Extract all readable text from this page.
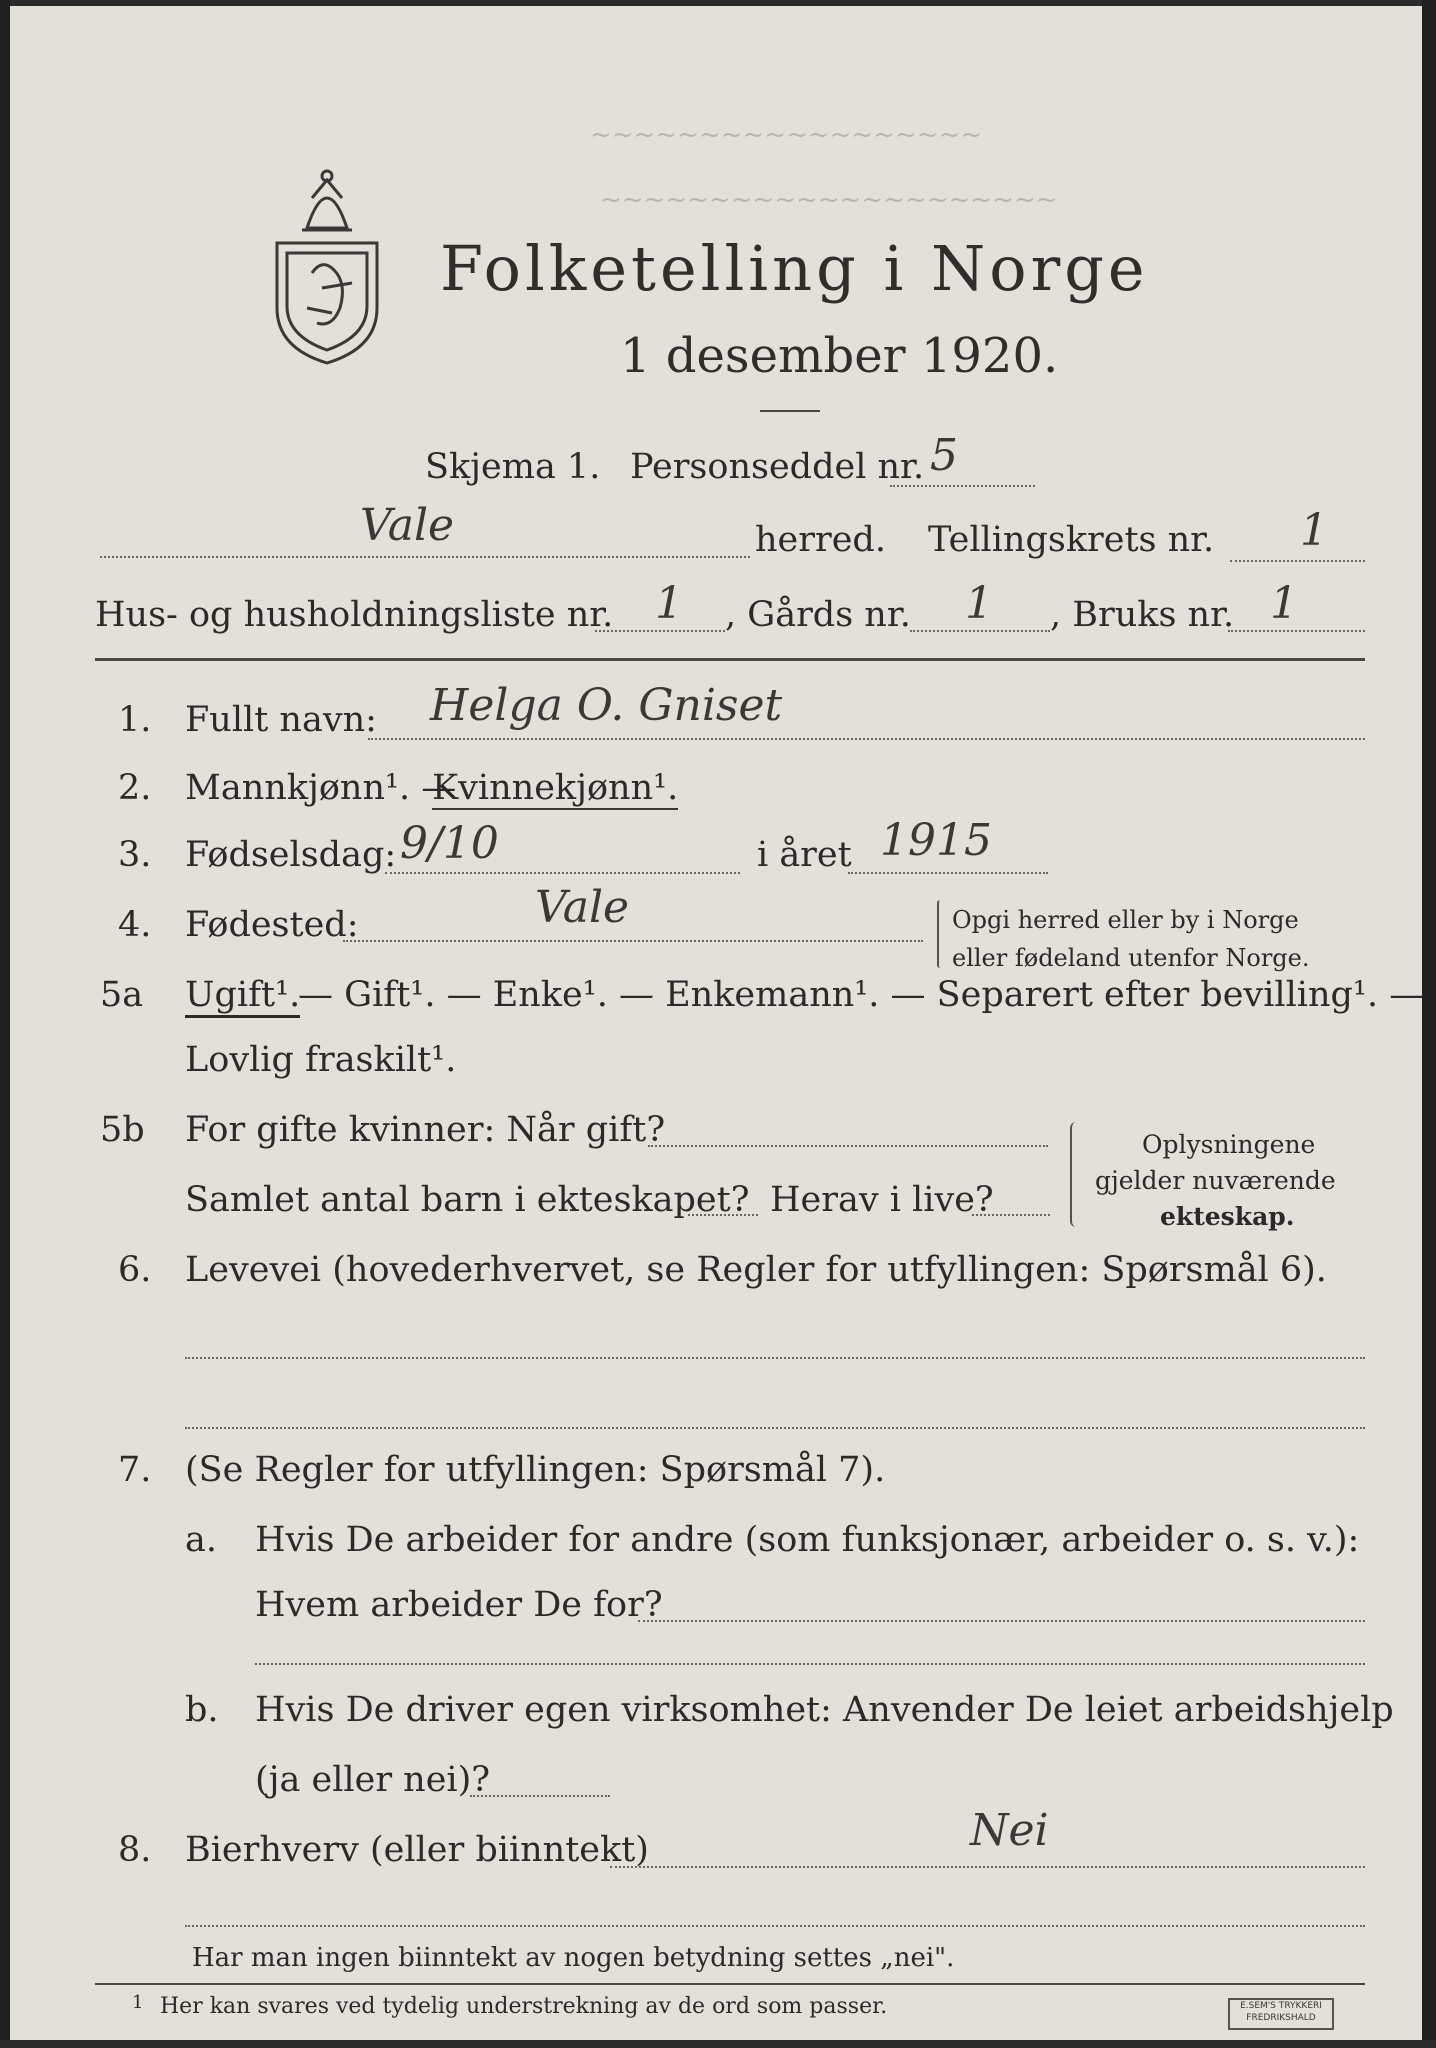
~~~~~~~~~~~~~~~~~~
~~~~~~~~~~~~~~~~~~~~~
Folketelling i Norge
1 desember 1920.
Skjema 1. Personseddel nr. 5
Vale	herred. Tellingskrets nr. 1
Hus- og husholdningsliste nr. 1 , Gårds nr. 1 , Bruks nr. 1
1. Fullt navn: Helga O. Gniset
2. Mannkjønn¹. —
Kvinnekjønn¹.
3. Fødselsdag: 9/10	i året 1915
4. Fødested:	Vale	Opgi herred eller by i Norge
eller fødeland utenfor Norge.
5a Ugift¹.
— Gift¹. — Enke¹. — Enkemann¹. — Separert efter bevilling¹. —
Lovlig fraskilt¹.
5b For gifte kvinner: Når gift?
Samlet antal barn i ekteskapet? Herav i live?
Oplysningene
gjelder nuværende
ekteskap.
6. Levevei (hovederhvervet, se Regler for utfyllingen: Spørsmål 6).
7. (Se Regler for utfyllingen: Spørsmål 7).
a. Hvis De arbeider for andre (som funksjonær, arbeider o. s. v.):
Hvem arbeider De for?
b. Hvis De driver egen virksomhet: Anvender De leiet arbeidshjelp
(ja eller nei)?
8. Bierhverv (eller biinntekt)	Nei
Har man ingen biinntekt av nogen betydning settes „nei".
1 Her kan svares ved tydelig understrekning av de ord som passer.	E.SEM'S TRYKKERI FREDRIKSHALD
